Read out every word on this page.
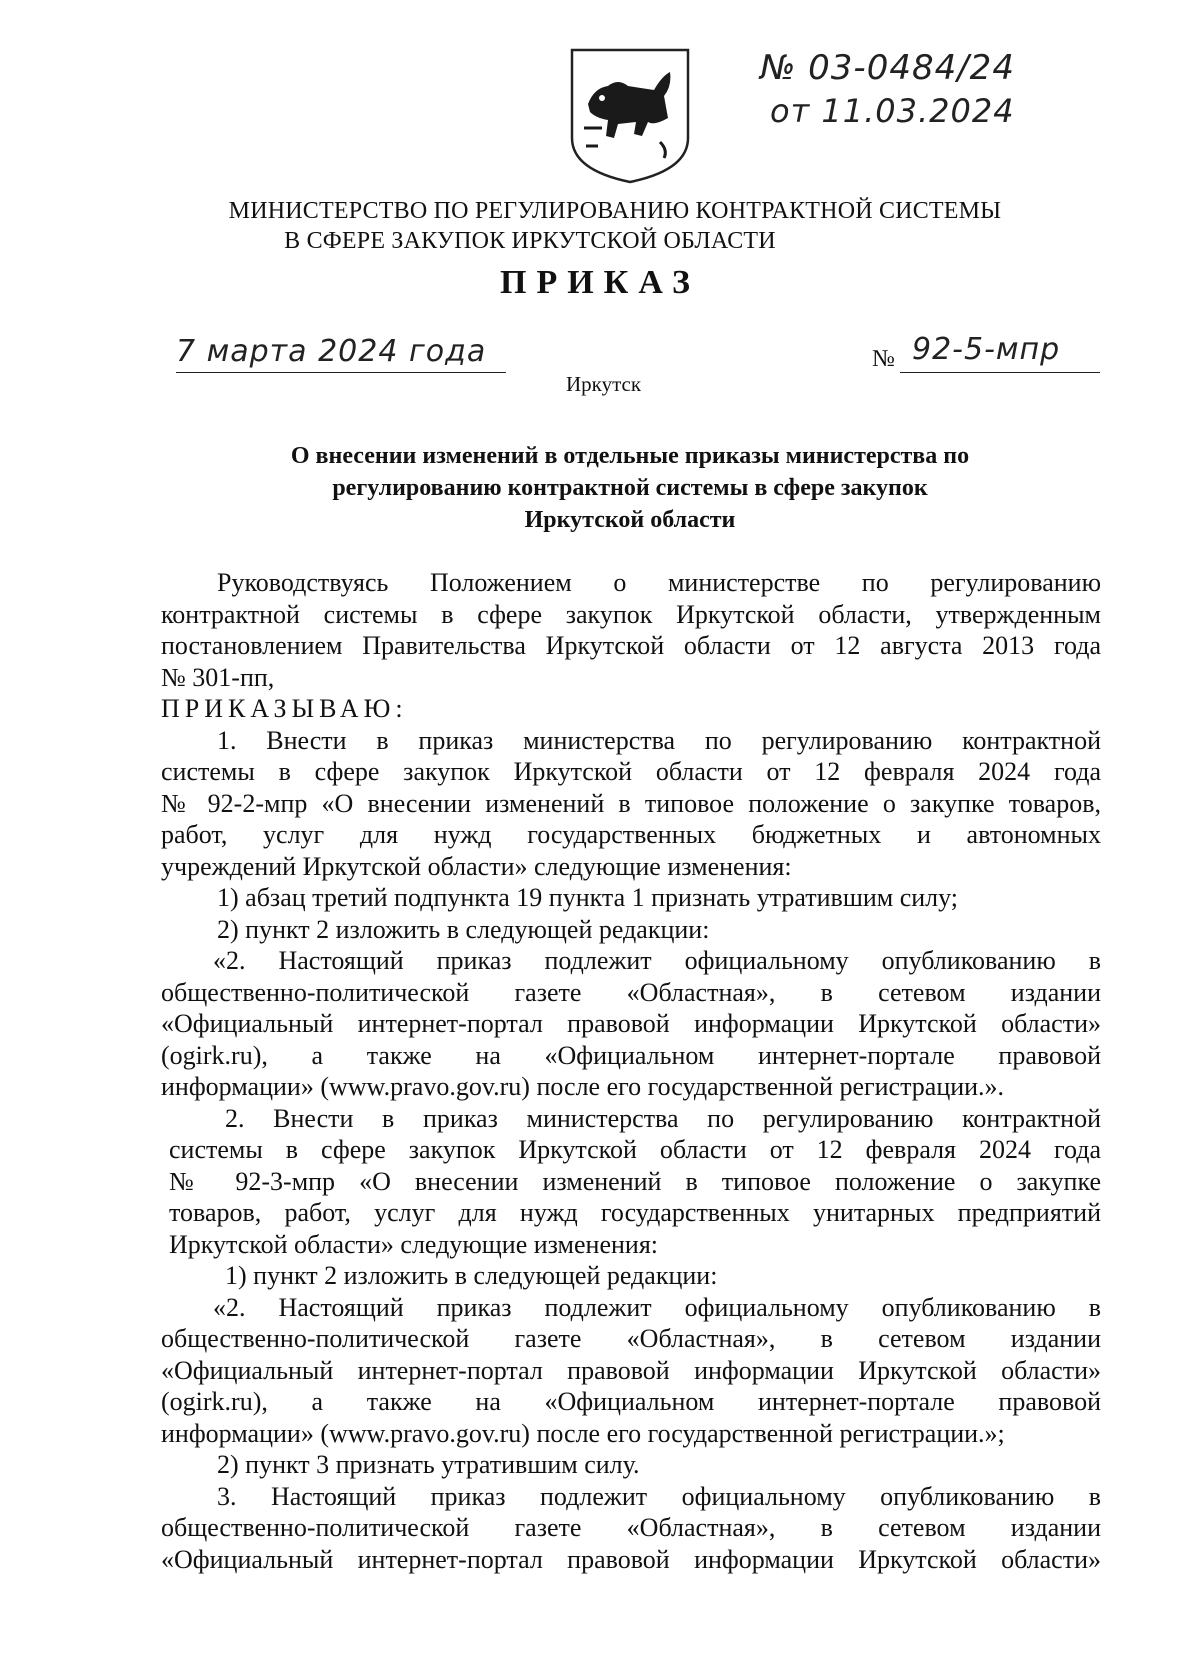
№ 03-0484/24
от 11.03.2024
МИНИСТЕРСТВО ПО РЕГУЛИРОВАНИЮ КОНТРАКТНОЙ СИСТЕМЫ
В СФЕРЕ ЗАКУПОК ИРКУТСКОЙ ОБЛАСТИ
ПРИКАЗ
7 марта 2024 года	№ 92-5-мпр
Иркутск
О внесении изменений в отдельные приказы министерства по
регулированию контрактной системы в сфере закупок
Иркутской области
Руководствуясь Положением о министерстве по регулированию
контрактной системы в сфере закупок Иркутской области, утвержденным
постановлением Правительства Иркутской области от 12 августа 2013 года
№ 301-пп,
ПРИКАЗЫВАЮ:
1. Внести в приказ министерства по регулированию контрактной
системы в сфере закупок Иркутской области от 12 февраля 2024 года
№ 92-2-мпр «О внесении изменений в типовое положение о закупке товаров,
работ, услуг для нужд государственных бюджетных и автономных
учреждений Иркутской области» следующие изменения:
1) абзац третий подпункта 19 пункта 1 признать утратившим силу;
2) пункт 2 изложить в следующей редакции:
«2. Настоящий приказ подлежит официальному опубликованию в
общественно-политической газете «Областная», в сетевом издании
«Официальный интернет-портал правовой информации Иркутской области»
(ogirk.ru), а также на «Официальном интернет-портале правовой
информации» (www.pravo.gov.ru) после его государственной регистрации.».
2. Внести в приказ министерства по регулированию контрактной
системы в сфере закупок Иркутской области от 12 февраля 2024 года
№ 92-3-мпр «О внесении изменений в типовое положение о закупке
товаров, работ, услуг для нужд государственных унитарных предприятий
Иркутской области» следующие изменения:
1) пункт 2 изложить в следующей редакции:
«2. Настоящий приказ подлежит официальному опубликованию в
общественно-политической газете «Областная», в сетевом издании
«Официальный интернет-портал правовой информации Иркутской области»
(ogirk.ru), а также на «Официальном интернет-портале правовой
информации» (www.pravo.gov.ru) после его государственной регистрации.»;
2) пункт 3 признать утратившим силу.
3. Настоящий приказ подлежит официальному опубликованию в
общественно-политической газете «Областная», в сетевом издании
«Официальный интернет-портал правовой информации Иркутской области»
